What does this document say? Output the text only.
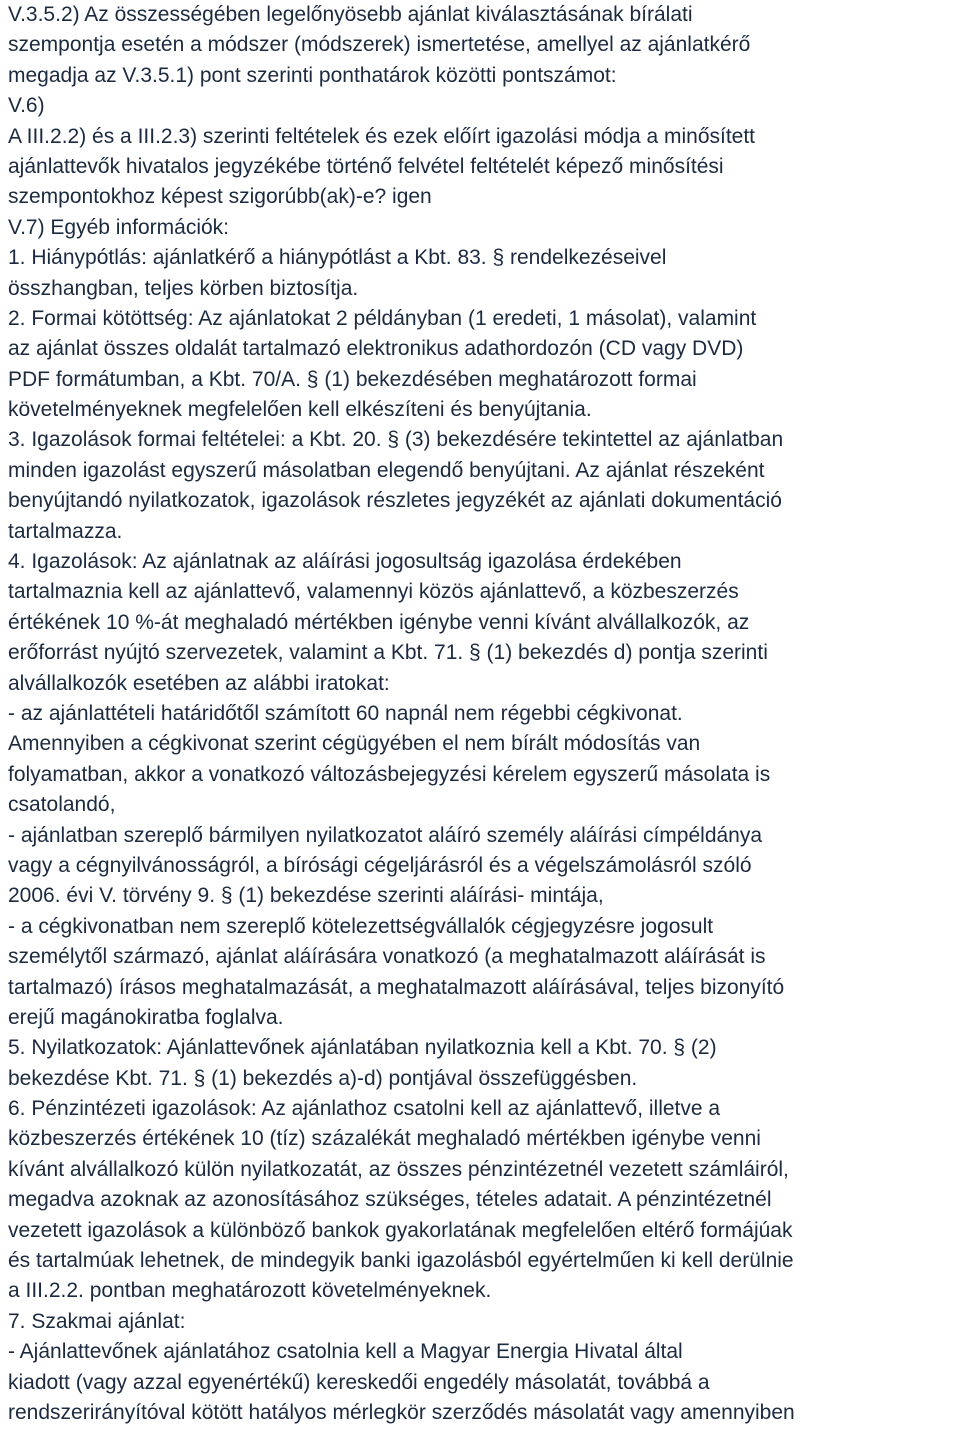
V.3.5.2) Az összességében legelőnyösebb ajánlat kiválasztásának bírálati
szempontja esetén a módszer (módszerek) ismertetése, amellyel az ajánlatkérő
megadja az V.3.5.1) pont szerinti ponthatárok közötti pontszámot:
V.6)
A III.2.2) és a III.2.3) szerinti feltételek és ezek előírt igazolási módja a minősített
ajánlattevők hivatalos jegyzékébe történő felvétel feltételét képező minősítési
szempontokhoz képest szigorúbb(ak)-e? igen
V.7) Egyéb információk:
1. Hiánypótlás: ajánlatkérő a hiánypótlást a Kbt. 83. § rendelkezéseivel
összhangban, teljes körben biztosítja.
2. Formai kötöttség: Az ajánlatokat 2 példányban (1 eredeti, 1 másolat), valamint
az ajánlat összes oldalát tartalmazó elektronikus adathordozón (CD vagy DVD)
PDF formátumban, a Kbt. 70/A. § (1) bekezdésében meghatározott formai
követelményeknek megfelelően kell elkészíteni és benyújtania.
3. Igazolások formai feltételei: a Kbt. 20. § (3) bekezdésére tekintettel az ajánlatban
minden igazolást egyszerű másolatban elegendő benyújtani. Az ajánlat részeként
benyújtandó nyilatkozatok, igazolások részletes jegyzékét az ajánlati dokumentáció
tartalmazza.
4. Igazolások: Az ajánlatnak az aláírási jogosultság igazolása érdekében
tartalmaznia kell az ajánlattevő, valamennyi közös ajánlattevő, a közbeszerzés
értékének 10 %-át meghaladó mértékben igénybe venni kívánt alvállalkozók, az
erőforrást nyújtó szervezetek, valamint a Kbt. 71. § (1) bekezdés d) pontja szerinti
alvállalkozók esetében az alábbi iratokat:
- az ajánlattételi határidőtől számított 60 napnál nem régebbi cégkivonat.
Amennyiben a cégkivonat szerint cégügyében el nem bírált módosítás van
folyamatban, akkor a vonatkozó változásbejegyzési kérelem egyszerű másolata is
csatolandó,
- ajánlatban szereplő bármilyen nyilatkozatot aláíró személy aláírási címpéldánya
vagy a cégnyilvánosságról, a bírósági cégeljárásról és a végelszámolásról szóló
2006. évi V. törvény 9. § (1) bekezdése szerinti aláírási- mintája,
- a cégkivonatban nem szereplő kötelezettségvállalók cégjegyzésre jogosult
személytől származó, ajánlat aláírására vonatkozó (a meghatalmazott aláírását is
tartalmazó) írásos meghatalmazását, a meghatalmazott aláírásával, teljes bizonyító
erejű magánokiratba foglalva.
5. Nyilatkozatok: Ajánlattevőnek ajánlatában nyilatkoznia kell a Kbt. 70. § (2)
bekezdése Kbt. 71. § (1) bekezdés a)-d) pontjával összefüggésben.
6. Pénzintézeti igazolások: Az ajánlathoz csatolni kell az ajánlattevő, illetve a
közbeszerzés értékének 10 (tíz) százalékát meghaladó mértékben igénybe venni
kívánt alvállalkozó külön nyilatkozatát, az összes pénzintézetnél vezetett számláiról,
megadva azoknak az azonosításához szükséges, tételes adatait. A pénzintézetnél
vezetett igazolások a különböző bankok gyakorlatának megfelelően eltérő formájúak
és tartalmúak lehetnek, de mindegyik banki igazolásból egyértelműen ki kell derülnie
a III.2.2. pontban meghatározott követelményeknek.
7. Szakmai ajánlat:
- Ajánlattevőnek ajánlatához csatolnia kell a Magyar Energia Hivatal által
kiadott (vagy azzal egyenértékű) kereskedői engedély másolatát, továbbá a
rendszerirányítóval kötött hatályos mérlegkör szerződés másolatát vagy amennyiben
